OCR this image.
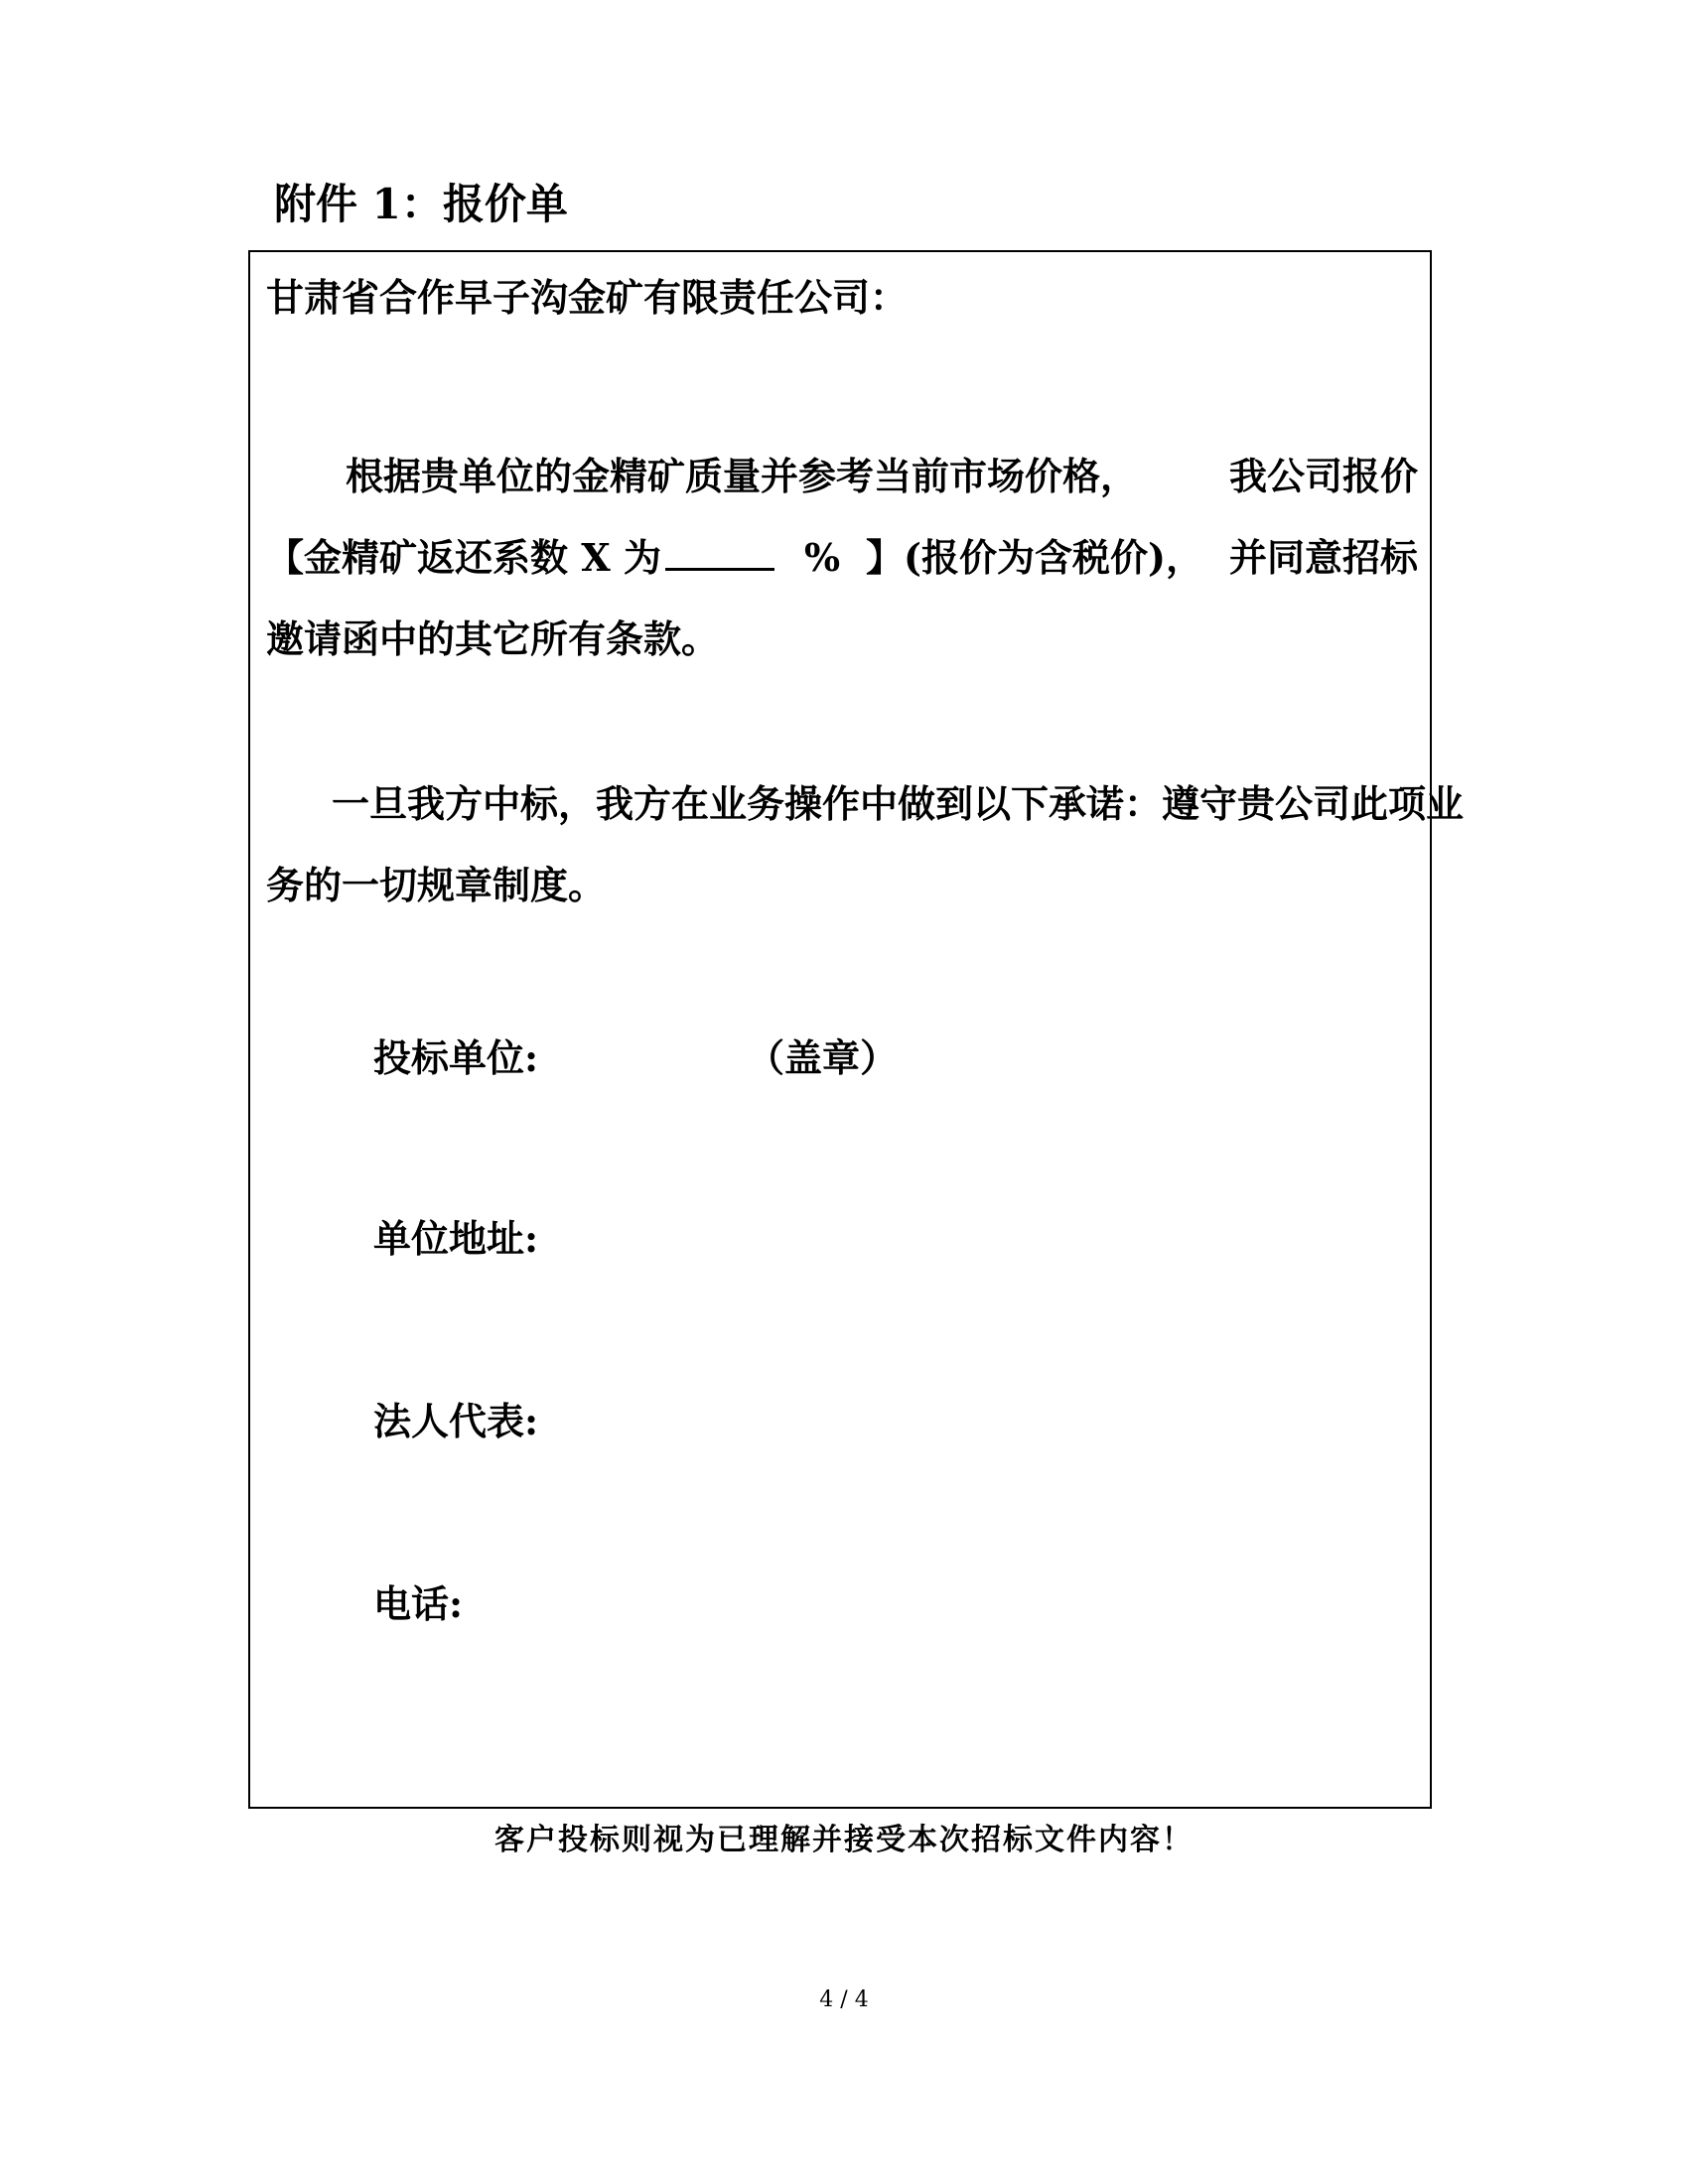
附件 1：报价单
甘肃省合作早子沟金矿有限责任公司：
根据贵单位的金精矿质量并参考当前市场价格， 我公司报价
【金精矿返还系数 X 为	% 】(报价为含税价)， 并同意招标
邀请函中的其它所有条款。
一旦我方中标，我方在业务操作中做到以下承诺： 遵守贵公司此项业
务的一切规章制度。
投标单位:	（盖章）
单位地址:
法人代表:
电话:
客户投标则视为已理解并接受本次招标文件内容！
4 / 4
